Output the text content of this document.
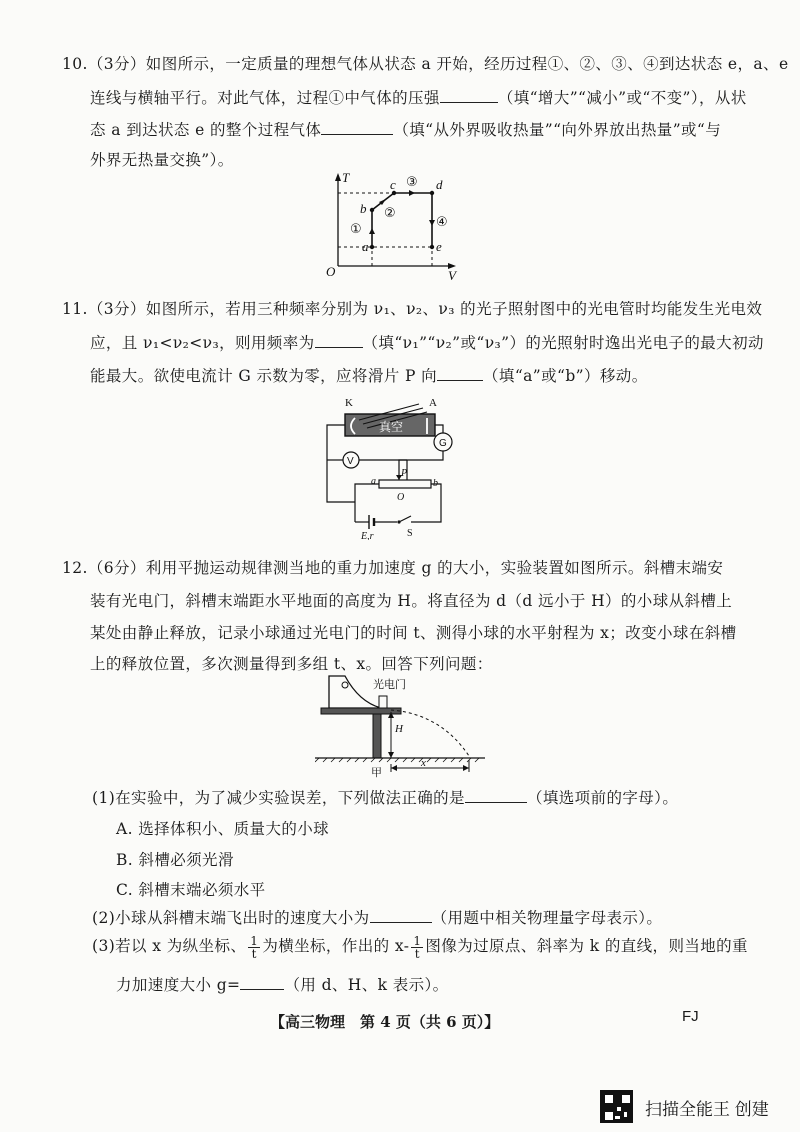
10.（3分）如图所示，一定质量的理想气体从状态 a 开始，经历过程①、②、③、④到达状态 e，a、e
连线与横轴平行。对此气体，过程①中气体的压强	（填“增大”“减小”或“不变”），从状
态 a 到达状态 e 的整个过程气体	（填“从外界吸收热量”“向外界放出热量”或“与
外界无热量交换”）。
T
V
O
a
b
c	d
e
①
②
③
④
11.（3分）如图所示，若用三种频率分别为 ν₁、ν₂、ν₃ 的光子照射图中的光电管时均能发生光电效
应，且 ν₁<ν₂<ν₃，则用频率为	（填“ν₁”“ν₂”或“ν₃”）的光照射时逸出光电子的最大初动
能最大。欲使电流计 G 示数为零，应将滑片 P 向	（填“a”或“b”）移动。
真空
K	A
G
V
P
a	b
O
E,r	S
12.（6分）利用平抛运动规律测当地的重力加速度 g 的大小，实验装置如图所示。斜槽末端安
装有光电门，斜槽末端距水平地面的高度为 H。将直径为 d（d 远小于 H）的小球从斜槽上
某处由静止释放，记录小球通过光电门的时间 t、测得小球的水平射程为 x；改变小球在斜槽
上的释放位置，多次测量得到多组 t、x。回答下列问题：
光电门
H
x
甲
(1)在实验中，为了减少实验误差，下列做法正确的是	（填选项前的字母）。
A. 选择体积小、质量大的小球
B. 斜槽必须光滑
C. 斜槽末端必须水平
(2)小球从斜槽末端飞出时的速度大小为	（用题中相关物理量字母表示）。
(3)若以 x 为纵坐标、 $\frac{1}{t}$ 为横坐标，作出的 $x- \frac{1}{t}$ 图像为过原点、斜率为 k 的直线，则当地的重
力加速度大小 g=	（用 d、H、k 表示）。
【高三物理　第 4 页（共 6 页）】	FJ
扫描全能王 创建
